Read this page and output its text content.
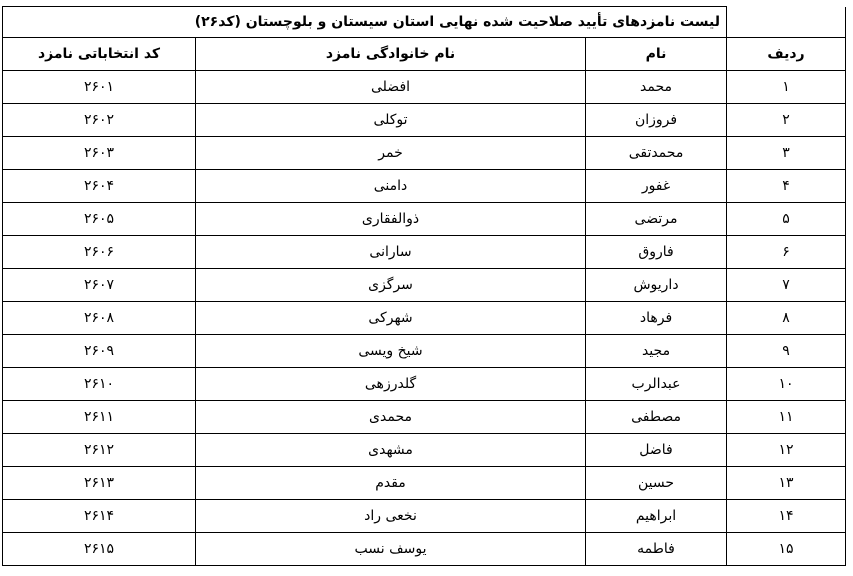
	لیست نامزدهای تأیید صلاحیت شده نهایی استان سیستان و بلوچستان (کد۲۶)		
ردیف	نام	نام خانوادگی نامزد	کد انتخاباتی نامزد
۱	محمد	افضلی	۲۶۰۱
۲	فروزان	توکلی	۲۶۰۲
۳	محمدتقی	خمر	۲۶۰۳
۴	غفور	دامنی	۲۶۰۴
۵	مرتضی	ذوالفقاری	۲۶۰۵
۶	فاروق	سارانی	۲۶۰۶
۷	داریوش	سرگزی	۲۶۰۷
۸	فرهاد	شهرکی	۲۶۰۸
۹	مجید	شیخ ویسی	۲۶۰۹
۱۰	عبدالرب	گلدرزهی	۲۶۱۰
۱۱	مصطفی	محمدی	۲۶۱۱
۱۲	فاضل	مشهدی	۲۶۱۲
۱۳	حسین	مقدم	۲۶۱۳
۱۴	ابراهیم	نخعی راد	۲۶۱۴
۱۵	فاطمه	یوسف نسب	۲۶۱۵
